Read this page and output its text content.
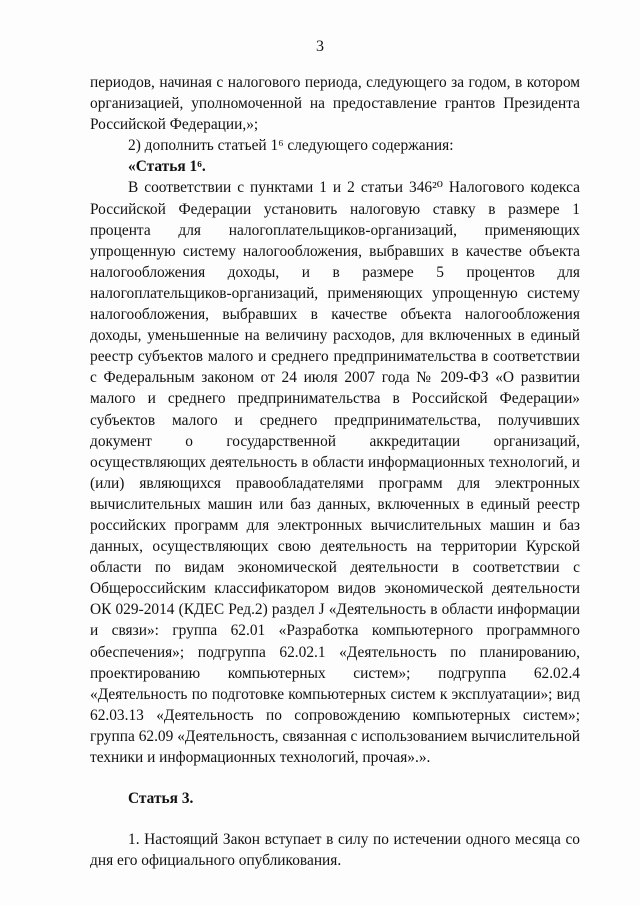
3

периодов, начиная с налогового периода, следующего за годом, в котором организацией, уполномоченной на предоставление грантов Президента Российской Федерации,»;

2) дополнить статьей 1⁶ следующего содержания:

«Статья 1⁶.

В соответствии с пунктами 1 и 2 статьи 346²⁰ Налогового кодекса Российской Федерации установить налоговую ставку в размере 1 процента для налогоплательщиков-организаций, применяющих упрощенную систему налогообложения, выбравших в качестве объекта налогообложения доходы, и в размере 5 процентов для налогоплательщиков-организаций, применяющих упрощенную систему налогообложения, выбравших в качестве объекта налогообложения доходы, уменьшенные на величину расходов, для включенных в единый реестр субъектов малого и среднего предпринимательства в соответствии с Федеральным законом от 24 июля 2007 года № 209-ФЗ «О развитии малого и среднего предпринимательства в Российской Федерации» субъектов малого и среднего предпринимательства, получивших документ о государственной аккредитации организаций, осуществляющих деятельность в области информационных технологий, и (или) являющихся правообладателями программ для электронных вычислительных машин или баз данных, включенных в единый реестр российских программ для электронных вычислительных машин и баз данных, осуществляющих свою деятельность на территории Курской области по видам экономической деятельности в соответствии с Общероссийским классификатором видов экономической деятельности ОК 029-2014 (КДЕС Ред.2) раздел J «Деятельность в области информации и связи»: группа 62.01 «Разработка компьютерного программного обеспечения»; подгруппа 62.02.1 «Деятельность по планированию, проектированию компьютерных систем»; подгруппа 62.02.4 «Деятельность по подготовке компьютерных систем к эксплуатации»; вид 62.03.13 «Деятельность по сопровождению компьютерных систем»; группа 62.09 «Деятельность, связанная с использованием вычислительной техники и информационных технологий, прочая».».

Статья 3.

1. Настоящий Закон вступает в силу по истечении одного месяца со дня его официального опубликования.
